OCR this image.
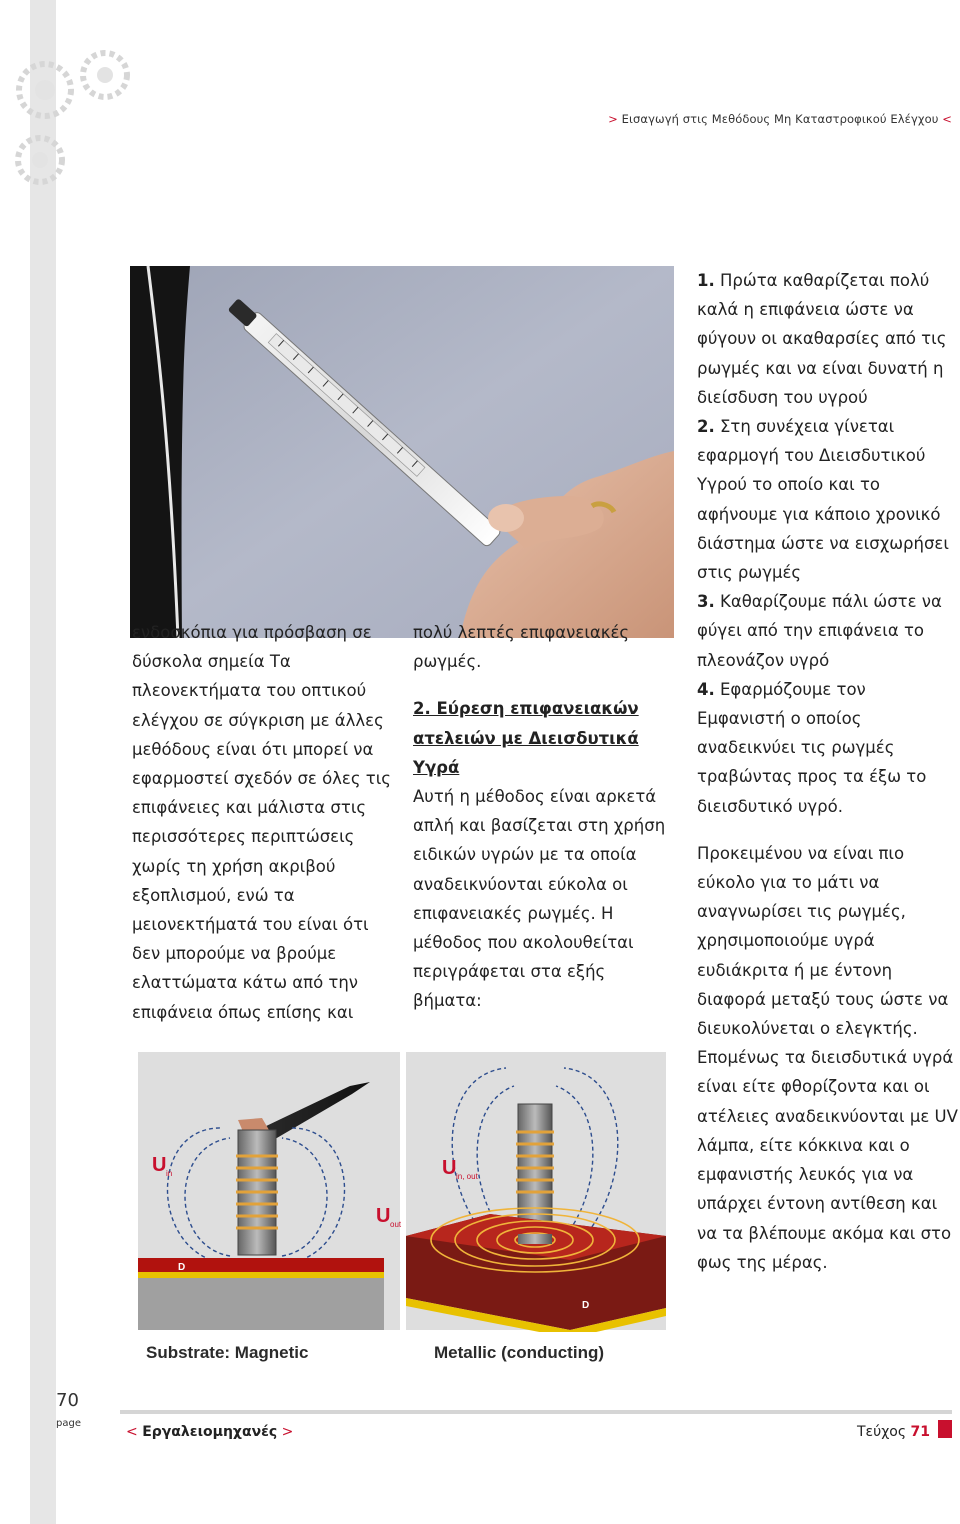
> Εισαγωγή στις Μεθόδους Μη Καταστροφικού Ελέγχου <

ενδοσκόπια για πρόσβαση σε δύσκολα σημεία Τα πλεονεκτήματα του οπτικού ελέγχου σε σύγκριση με άλλες μεθόδους είναι ότι μπορεί να εφαρμοστεί σχεδόν σε όλες τις επιφάνειες και μάλιστα στις περισσότερες περιπτώσεις χωρίς τη χρήση ακριβού εξοπλισμού, ενώ τα μειονεκτήματά του είναι ότι δεν μπορούμε να βρούμε ελαττώματα κάτω από την επιφάνεια όπως επίσης και

πολύ λεπτές επιφανειακές ρωγμές.

2. Εύρεση επιφανειακών ατελειών με Διεισδυτικά Υγρά

Αυτή η μέθοδος είναι αρκετά απλή και βασίζεται στη χρήση ειδικών υγρών με τα οποία αναδεικνύονται εύκολα οι επιφανειακές ρωγμές. Η μέθοδος που ακολουθείται περιγράφεται στα εξής βήματα:

1. Πρώτα καθαρίζεται πολύ καλά η επιφάνεια ώστε να φύγουν οι ακαθαρσίες από τις ρωγμές και να είναι δυνατή η διείσδυση του υγρού

2. Στη συνέχεια γίνεται εφαρμογή του Διεισδυτικού Υγρού το οποίο και το αφήνουμε για κάποιο χρονικό διάστημα ώστε να εισχωρήσει στις ρωγμές

3. Καθαρίζουμε πάλι ώστε να φύγει από την επιφάνεια το πλεονάζον υγρό

4. Εφαρμόζουμε τον Εμφανιστή ο οποίος αναδεικνύει τις ρωγμές τραβώντας προς τα έξω το διεισδυτικό υγρό.

Προκειμένου να είναι πιο εύκολο για το μάτι να αναγνωρίσει τις ρωγμές, χρησιμοποιούμε υγρά ευδιάκριτα ή με έντονη διαφορά μεταξύ τους ώστε να διευκολύνεται ο ελεγκτής. Επομένως τα διεισδυτικά υγρά είναι είτε φθορίζοντα και οι ατέλειες αναδεικνύονται με UV λάμπα, είτε κόκκινα και ο εμφανιστής λευκός για να υπάρχει έντονη αντίθεση και να τα βλέπουμε ακόμα και στο φως της μέρας.

U in
U out
D
U in, out
D
Substrate: Magnetic	Metallic (conducting)
70
page
< Εργαλειομηχανές >	Τεύχος 71
